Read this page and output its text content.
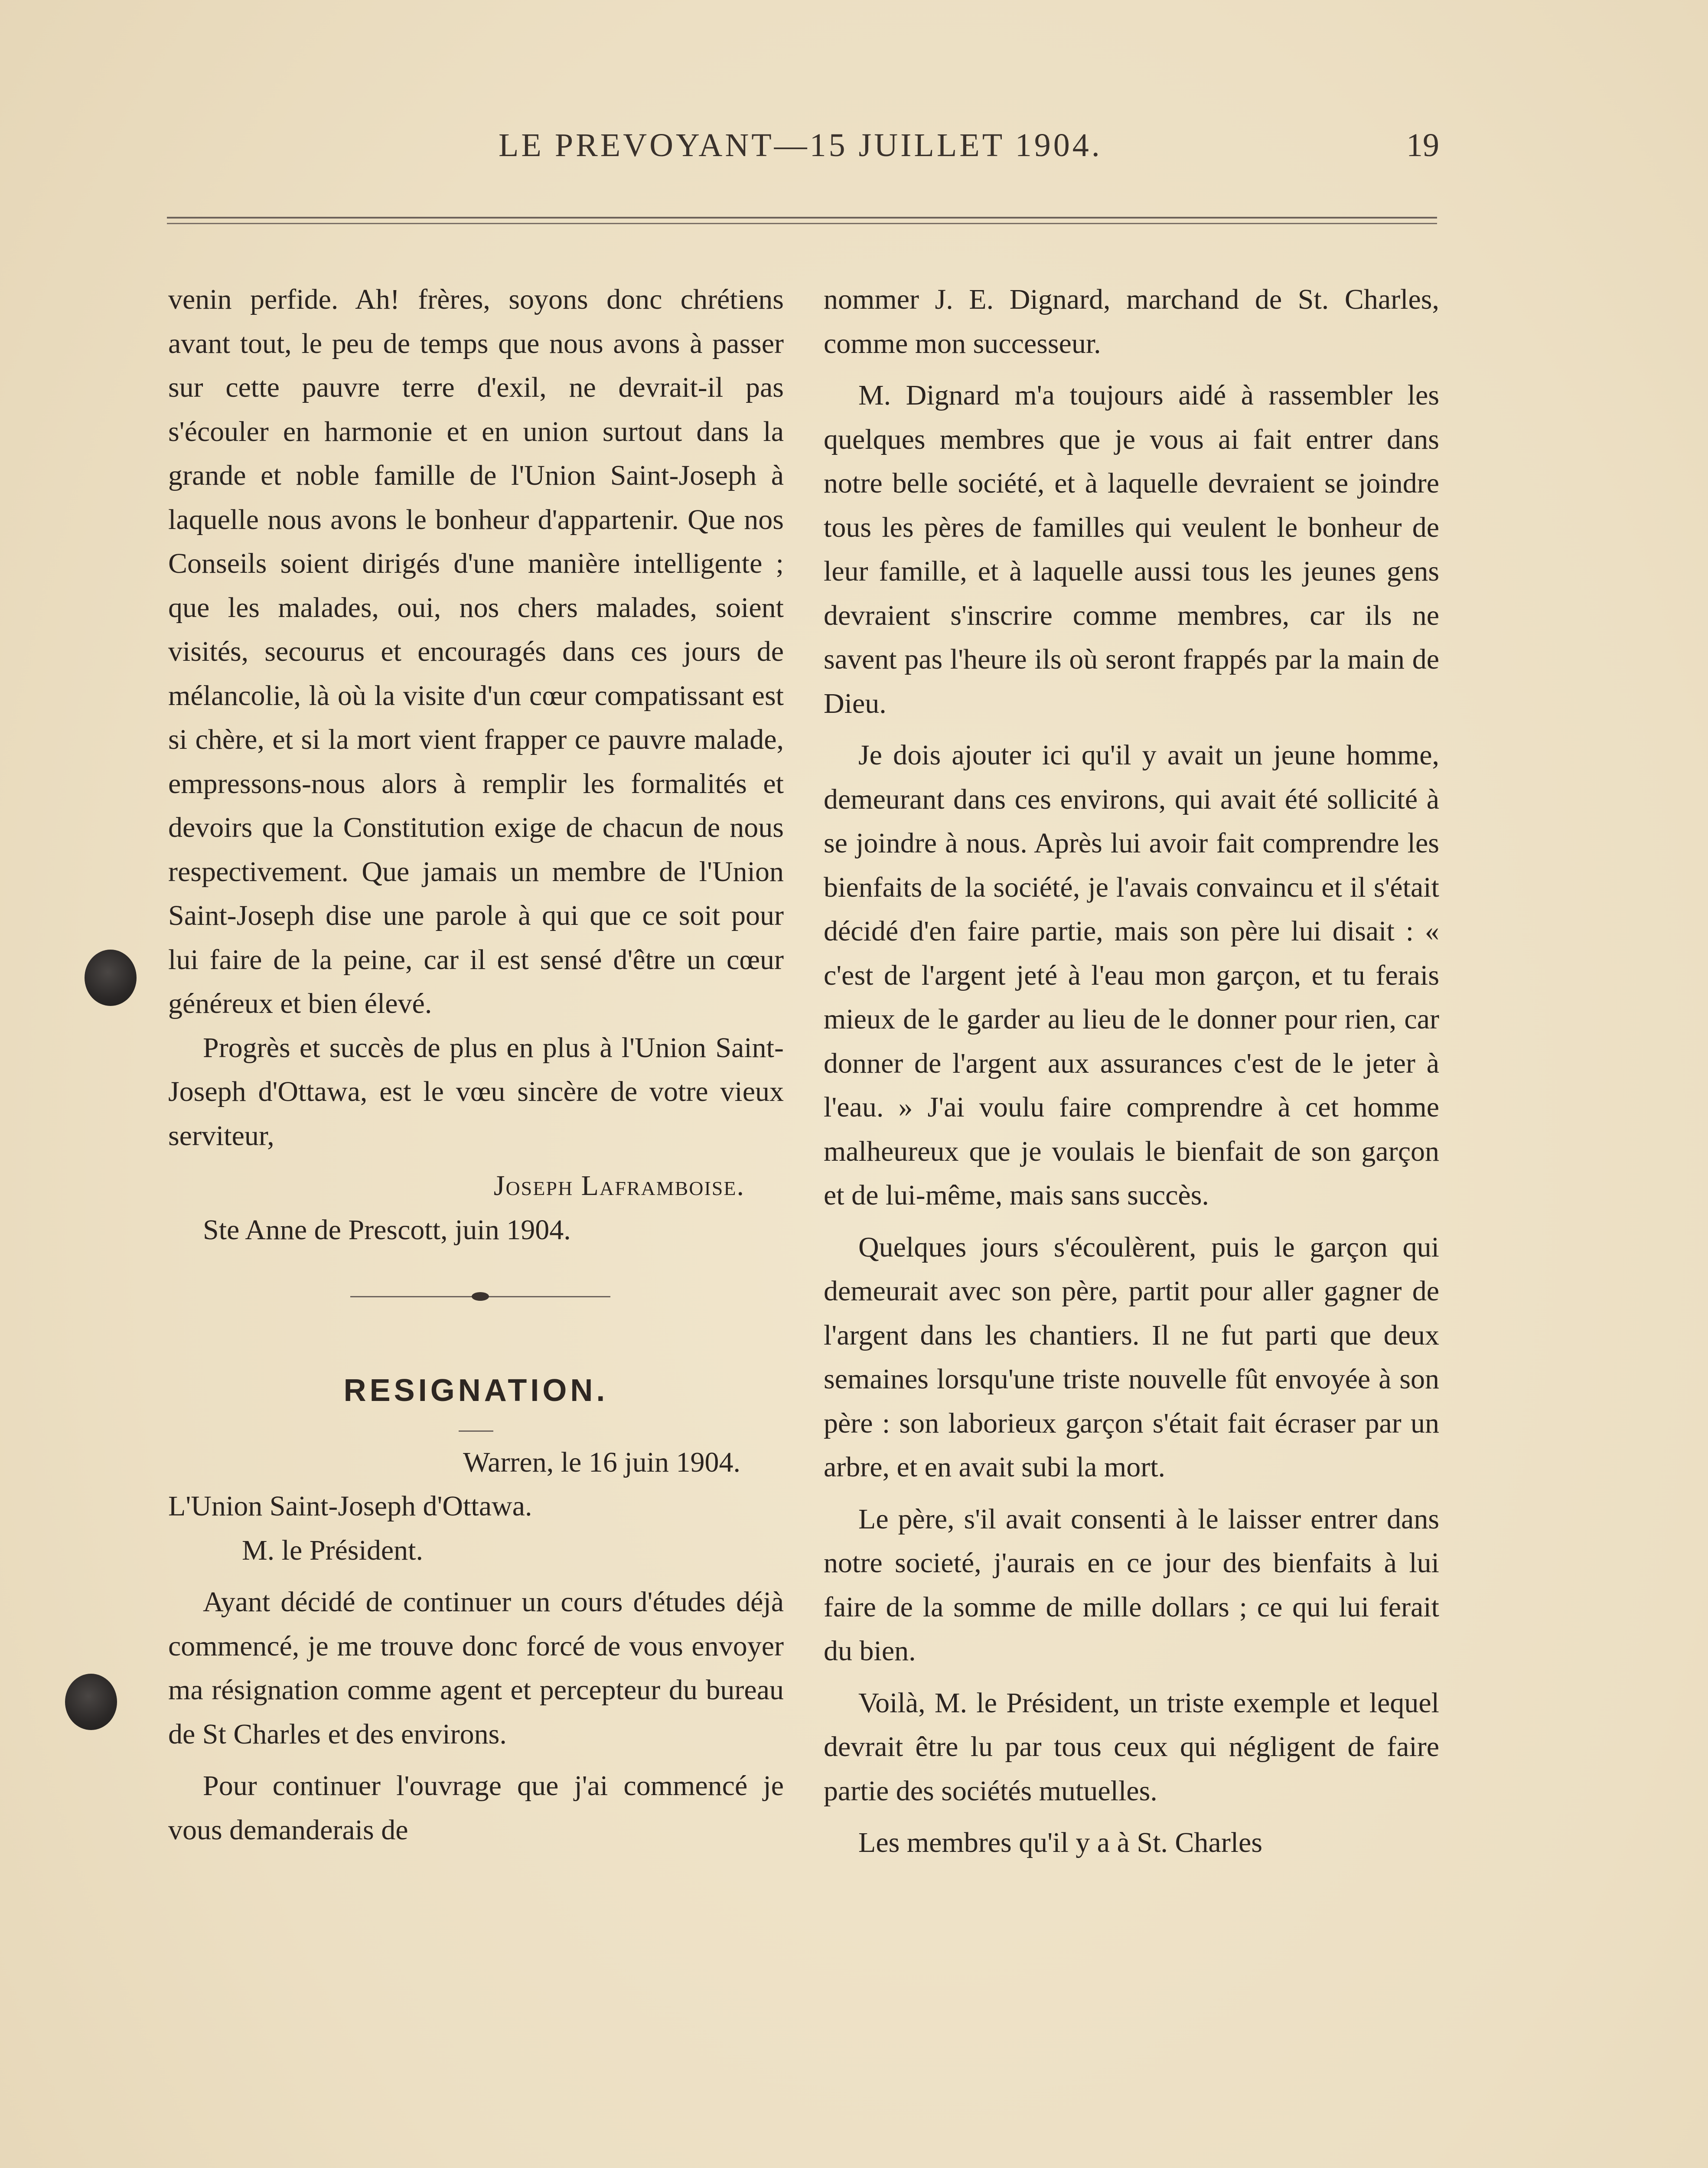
LE PREVOYANT—15 JUILLET 1904.	19

venin perfide. Ah! frères, soyons donc chrétiens avant tout, le peu de temps que nous avons à passer sur cette pauvre terre d'exil, ne devrait-il pas s'écouler en harmonie et en union surtout dans la grande et noble famille de l'Union Saint-Joseph à laquelle nous avons le bonheur d'appartenir. Que nos Conseils soient dirigés d'une manière intelligente ; que les malades, oui, nos chers malades, soient visités, secourus et encouragés dans ces jours de mélancolie, là où la visite d'un cœur compatissant est si chère, et si la mort vient frapper ce pauvre malade, empressons-nous alors à remplir les formalités et devoirs que la Constitution exige de chacun de nous respectivement. Que jamais un membre de l'Union Saint-Joseph dise une parole à qui que ce soit pour lui faire de la peine, car il est sensé d'être un cœur généreux et bien élevé.

Progrès et succès de plus en plus à l'Union Saint-Joseph d'Ottawa, est le vœu sincère de votre vieux serviteur,

Joseph Laframboise.

Ste Anne de Prescott, juin 1904.

RESIGNATION.

Warren, le 16 juin 1904.

L'Union Saint-Joseph d'Ottawa.

M. le Président.

Ayant décidé de continuer un cours d'études déjà commencé, je me trouve donc forcé de vous envoyer ma résignation comme agent et percepteur du bureau de St Charles et des environs.

Pour continuer l'ouvrage que j'ai commencé je vous demanderais de

nommer J. E. Dignard, marchand de St. Charles, comme mon successeur.

M. Dignard m'a toujours aidé à rassembler les quelques membres que je vous ai fait entrer dans notre belle société, et à laquelle devraient se joindre tous les pères de familles qui veulent le bonheur de leur famille, et à laquelle aussi tous les jeunes gens devraient s'inscrire comme membres, car ils ne savent pas l'heure ils où seront frappés par la main de Dieu.

Je dois ajouter ici qu'il y avait un jeune homme, demeurant dans ces environs, qui avait été sollicité à se joindre à nous. Après lui avoir fait comprendre les bienfaits de la société, je l'avais convaincu et il s'était décidé d'en faire partie, mais son père lui disait : « c'est de l'argent jeté à l'eau mon garçon, et tu ferais mieux de le garder au lieu de le donner pour rien, car donner de l'argent aux assurances c'est de le jeter à l'eau. » J'ai voulu faire comprendre à cet homme malheureux que je voulais le bienfait de son garçon et de lui-même, mais sans succès.

Quelques jours s'écoulèrent, puis le garçon qui demeurait avec son père, partit pour aller gagner de l'argent dans les chantiers. Il ne fut parti que deux semaines lorsqu'une triste nouvelle fût envoyée à son père : son laborieux garçon s'était fait écraser par un arbre, et en avait subi la mort.

Le père, s'il avait consenti à le laisser entrer dans notre societé, j'aurais en ce jour des bienfaits à lui faire de la somme de mille dollars ; ce qui lui ferait du bien.

Voilà, M. le Président, un triste exemple et lequel devrait être lu par tous ceux qui négligent de faire partie des sociétés mutuelles.

Les membres qu'il y a à St. Charles
